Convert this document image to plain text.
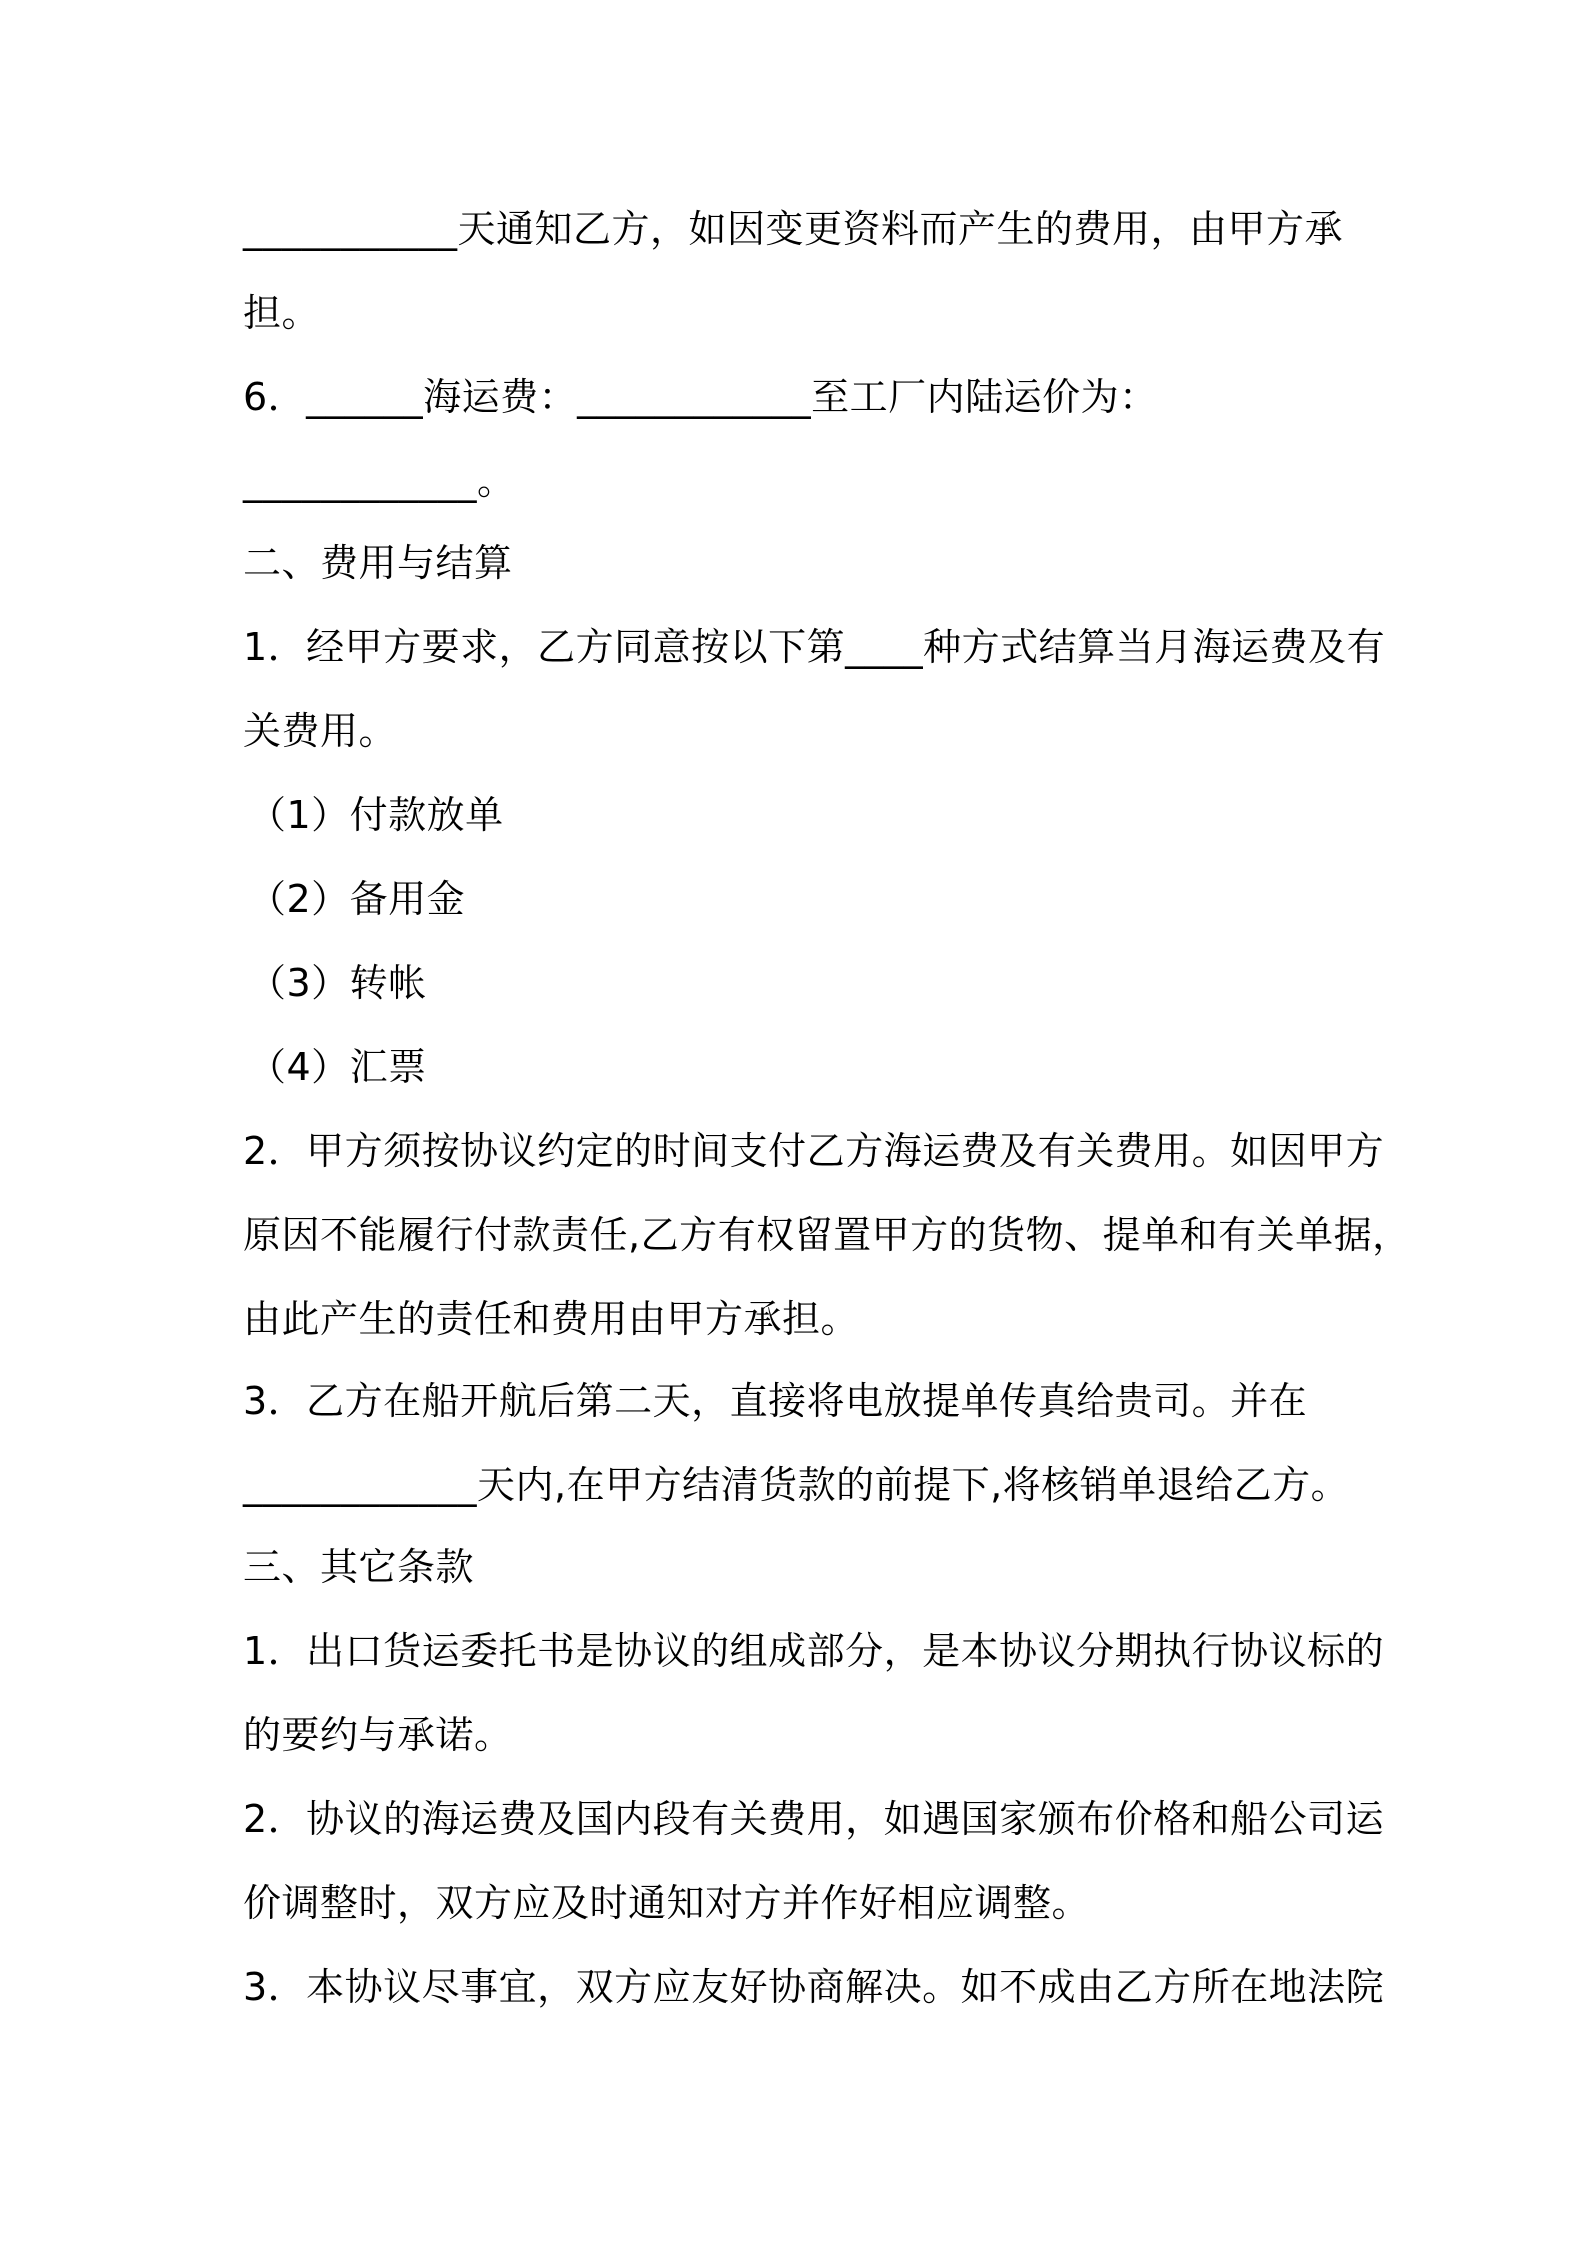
___________天通知乙方，如因变更资料而产生的费用，由甲方承
担。
6．______海运费：____________至工厂内陆运价为：
____________。
二、费用与结算
1．经甲方要求，乙方同意按以下第____种方式结算当月海运费及有
关费用。
（1）付款放单
（2）备用金
（3）转帐
（4）汇票
2．甲方须按协议约定的时间支付乙方海运费及有关费用。如因甲方
原因不能履行付款责任,乙方有权留置甲方的货物、提单和有关单据，
由此产生的责任和费用由甲方承担。
3．乙方在船开航后第二天，直接将电放提单传真给贵司。并在
____________天内,在甲方结清货款的前提下,将核销单退给乙方。
三、其它条款
1．出口货运委托书是协议的组成部分，是本协议分期执行协议标的
的要约与承诺。
2．协议的海运费及国内段有关费用，如遇国家颁布价格和船公司运
价调整时，双方应及时通知对方并作好相应调整。
3．本协议尽事宜，双方应友好协商解决。如不成由乙方所在地法院
